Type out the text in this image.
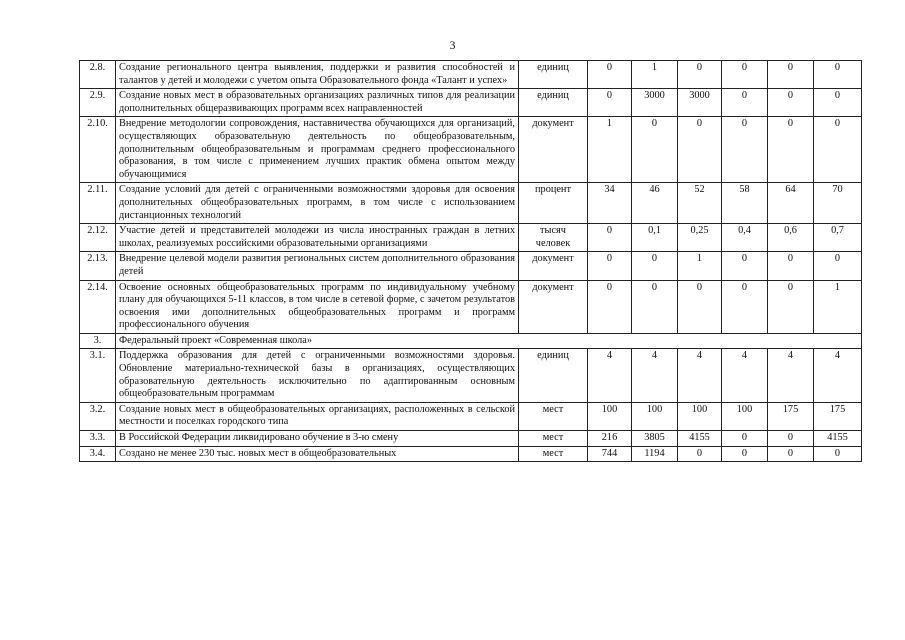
3
2.8.	Создание регионального центра выявления, поддержки и развития способностей и талантов у детей и молодежи с учетом опыта Образовательного фонда «Талант и успех»	единиц	0	1	0	0	0	0
2.9.	Создание новых мест в образовательных организациях различных типов для реализации дополнительных общеразвивающих программ всех направленностей	единиц	0	3000	3000	0	0	0
2.10.	Внедрение методологии сопровождения, наставничества обучающихся для организаций, осуществляющих образовательную деятельность по общеобразовательным, дополнительным общеобразовательным и программам среднего профессионального образования, в том числе с применением лучших практик обмена опытом между обучающимися	документ	1	0	0	0	0	0
2.11.	Создание условий для детей с ограниченными возможностями здоровья для освоения дополнительных общеобразовательных программ, в том числе с использованием дистанционных технологий	процент	34	46	52	58	64	70
2.12.	Участие детей и представителей молодежи из числа иностранных граждан в летних школах, реализуемых российскими образовательными организациями	тысяч человек	0	0,1	0,25	0,4	0,6	0,7
2.13.	Внедрение целевой модели развития региональных систем дополнительного образования детей	документ	0	0	1	0	0	0
2.14.	Освоение основных общеобразовательных программ по индивидуальному учебному плану для обучающихся 5-11 классов, в том числе в сетевой форме, с зачетом результатов освоения ими дополнительных общеобразовательных программ и программ профессионального обучения	документ	0	0	0	0	0	1
3.	Федеральный проект «Современная школа»							
3.1.	Поддержка образования для детей с ограниченными возможностями здоровья. Обновление материально-технической базы в организациях, осуществляющих образовательную деятельность исключительно по адаптированным основным общеобразовательным программам	единиц	4	4	4	4	4	4
3.2.	Создание новых мест в общеобразовательных организациях, расположенных в сельской местности и поселках городского типа	мест	100	100	100	100	175	175
3.3.	В Российской Федерации ликвидировано обучение в 3-ю смену	мест	216	3805	4155	0	0	4155
3.4.	Создано не менее 230 тыс. новых мест в общеобразовательных	мест	744	1194	0	0	0	0
